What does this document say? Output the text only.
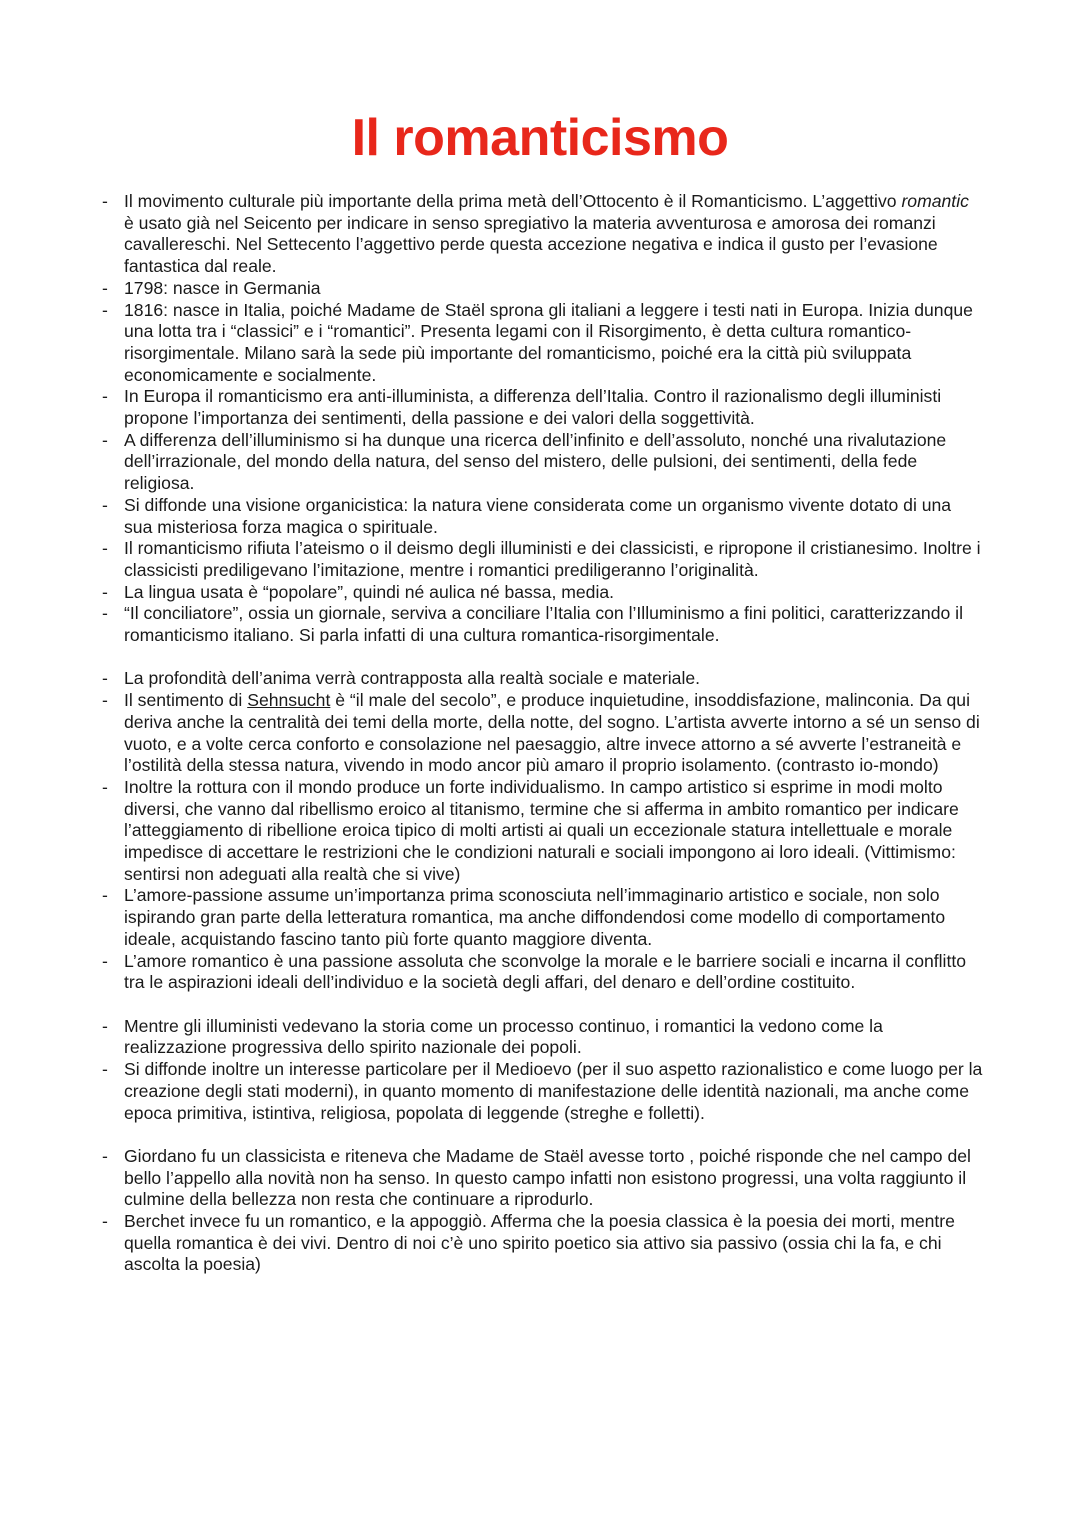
Il romanticismo
- Il movimento culturale più importante della prima metà dell’Ottocento è il Romanticismo. L’aggettivo romantic è usato già nel Seicento per indicare in senso spregiativo la materia avventurosa e amorosa dei romanzi cavallereschi. Nel Settecento l’aggettivo perde questa accezione negativa e indica il gusto per l’evasione fantastica dal reale.
- 1798: nasce in Germania
- 1816: nasce in Italia, poiché Madame de Staël sprona gli italiani a leggere i testi nati in Europa. Inizia dunque una lotta tra i “classici” e i “romantici”. Presenta legami con il Risorgimento, è detta cultura romantico-risorgimentale. Milano sarà la sede più importante del romanticismo, poiché era la città più sviluppata economicamente e socialmente.
- In Europa il romanticismo era anti-illuminista, a differenza dell’Italia. Contro il razionalismo degli illuministi propone l’importanza dei sentimenti, della passione e dei valori della soggettività.
- A differenza dell’illuminismo si ha dunque una ricerca dell’infinito e dell’assoluto, nonché una rivalutazione dell’irrazionale, del mondo della natura, del senso del mistero, delle pulsioni, dei sentimenti, della fede religiosa.
- Si diffonde una visione organicistica: la natura viene considerata come un organismo vivente dotato di una sua misteriosa forza magica o spirituale.
- Il romanticismo rifiuta l’ateismo o il deismo degli illuministi e dei classicisti, e ripropone il cristianesimo. Inoltre i classicisti prediligevano l’imitazione, mentre i romantici prediligeranno l’originalità.
- La lingua usata è “popolare”, quindi né aulica né bassa, media.
- “Il conciliatore”, ossia un giornale, serviva a conciliare l’Italia con l’Illuminismo a fini politici, caratterizzando il romanticismo italiano. Si parla infatti di una cultura romantica-risorgimentale.
- La profondità dell’anima verrà contrapposta alla realtà sociale e materiale.
- Il sentimento di Sehnsucht è “il male del secolo”, e produce inquietudine, insoddisfazione, malinconia. Da qui deriva anche la centralità dei temi della morte, della notte, del sogno. L’artista avverte intorno a sé un senso di vuoto, e a volte cerca conforto e consolazione nel paesaggio, altre invece attorno a sé avverte l’estraneità e l’ostilità della stessa natura, vivendo in modo ancor più amaro il proprio isolamento. (contrasto io-mondo)
- Inoltre la rottura con il mondo produce un forte individualismo. In campo artistico si esprime in modi molto diversi, che vanno dal ribellismo eroico al titanismo, termine che si afferma in ambito romantico per indicare l’atteggiamento di ribellione eroica tipico di molti artisti ai quali un eccezionale statura intellettuale e morale impedisce di accettare le restrizioni che le condizioni naturali e sociali impongono ai loro ideali. (Vittimismo: sentirsi non adeguati alla realtà che si vive)
- L’amore-passione assume un’importanza prima sconosciuta nell’immaginario artistico e sociale, non solo ispirando gran parte della letteratura romantica, ma anche diffondendosi come modello di comportamento ideale, acquistando fascino tanto più forte quanto maggiore diventa.
- L’amore romantico è una passione assoluta che sconvolge la morale e le barriere sociali e incarna il conflitto tra le aspirazioni ideali dell’individuo e la società degli affari, del denaro e dell’ordine costituito.
- Mentre gli illuministi vedevano la storia come un processo continuo, i romantici la vedono come la realizzazione progressiva dello spirito nazionale dei popoli.
- Si diffonde inoltre un interesse particolare per il Medioevo (per il suo aspetto razionalistico e come luogo per la creazione degli stati moderni), in quanto momento di manifestazione delle identità nazionali, ma anche come epoca primitiva, istintiva, religiosa, popolata di leggende (streghe e folletti).
- Giordano fu un classicista e riteneva che Madame de Staël avesse torto , poiché risponde che nel campo del bello l’appello alla novità non ha senso. In questo campo infatti non esistono progressi, una volta raggiunto il culmine della bellezza non resta che continuare a riprodurlo.
- Berchet invece fu un romantico, e la appoggiò. Afferma che la poesia classica è la poesia dei morti, mentre quella romantica è dei vivi. Dentro di noi c’è uno spirito poetico sia attivo sia passivo (ossia chi la fa, e chi ascolta la poesia)
